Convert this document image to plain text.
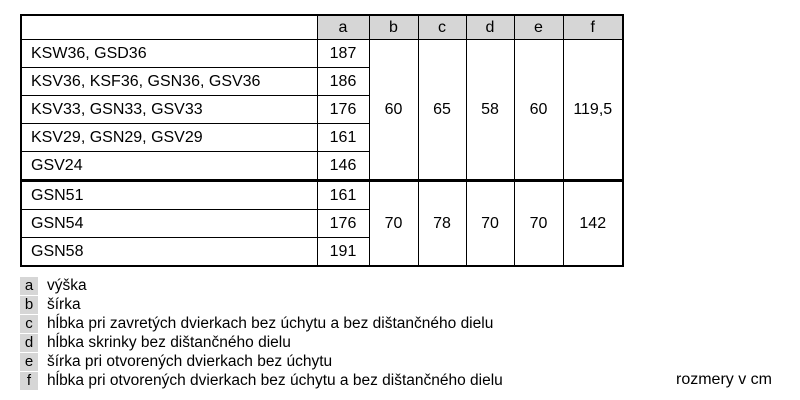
	a	b	c	d	e	f
KSW36, GSD36	187	60	65	58	60	119,5
KSV36, KSF36, GSN36, GSV36	186					
KSV33, GSN33, GSV33	176					
KSV29, GSN29, GSV29	161					
GSV24	146					
GSN51	161	70	78	70	70	142
GSN54	176					
GSN58	191					
a výška
b šírka
c hĺbka pri zavretých dvierkach bez úchytu a bez dištančného dielu
d hĺbka skrinky bez dištančného dielu
e šírka pri otvorených dvierkach bez úchytu
f	hĺbka pri otvorených dvierkach bez úchytu a bez dištančného dielu	rozmery v cm
